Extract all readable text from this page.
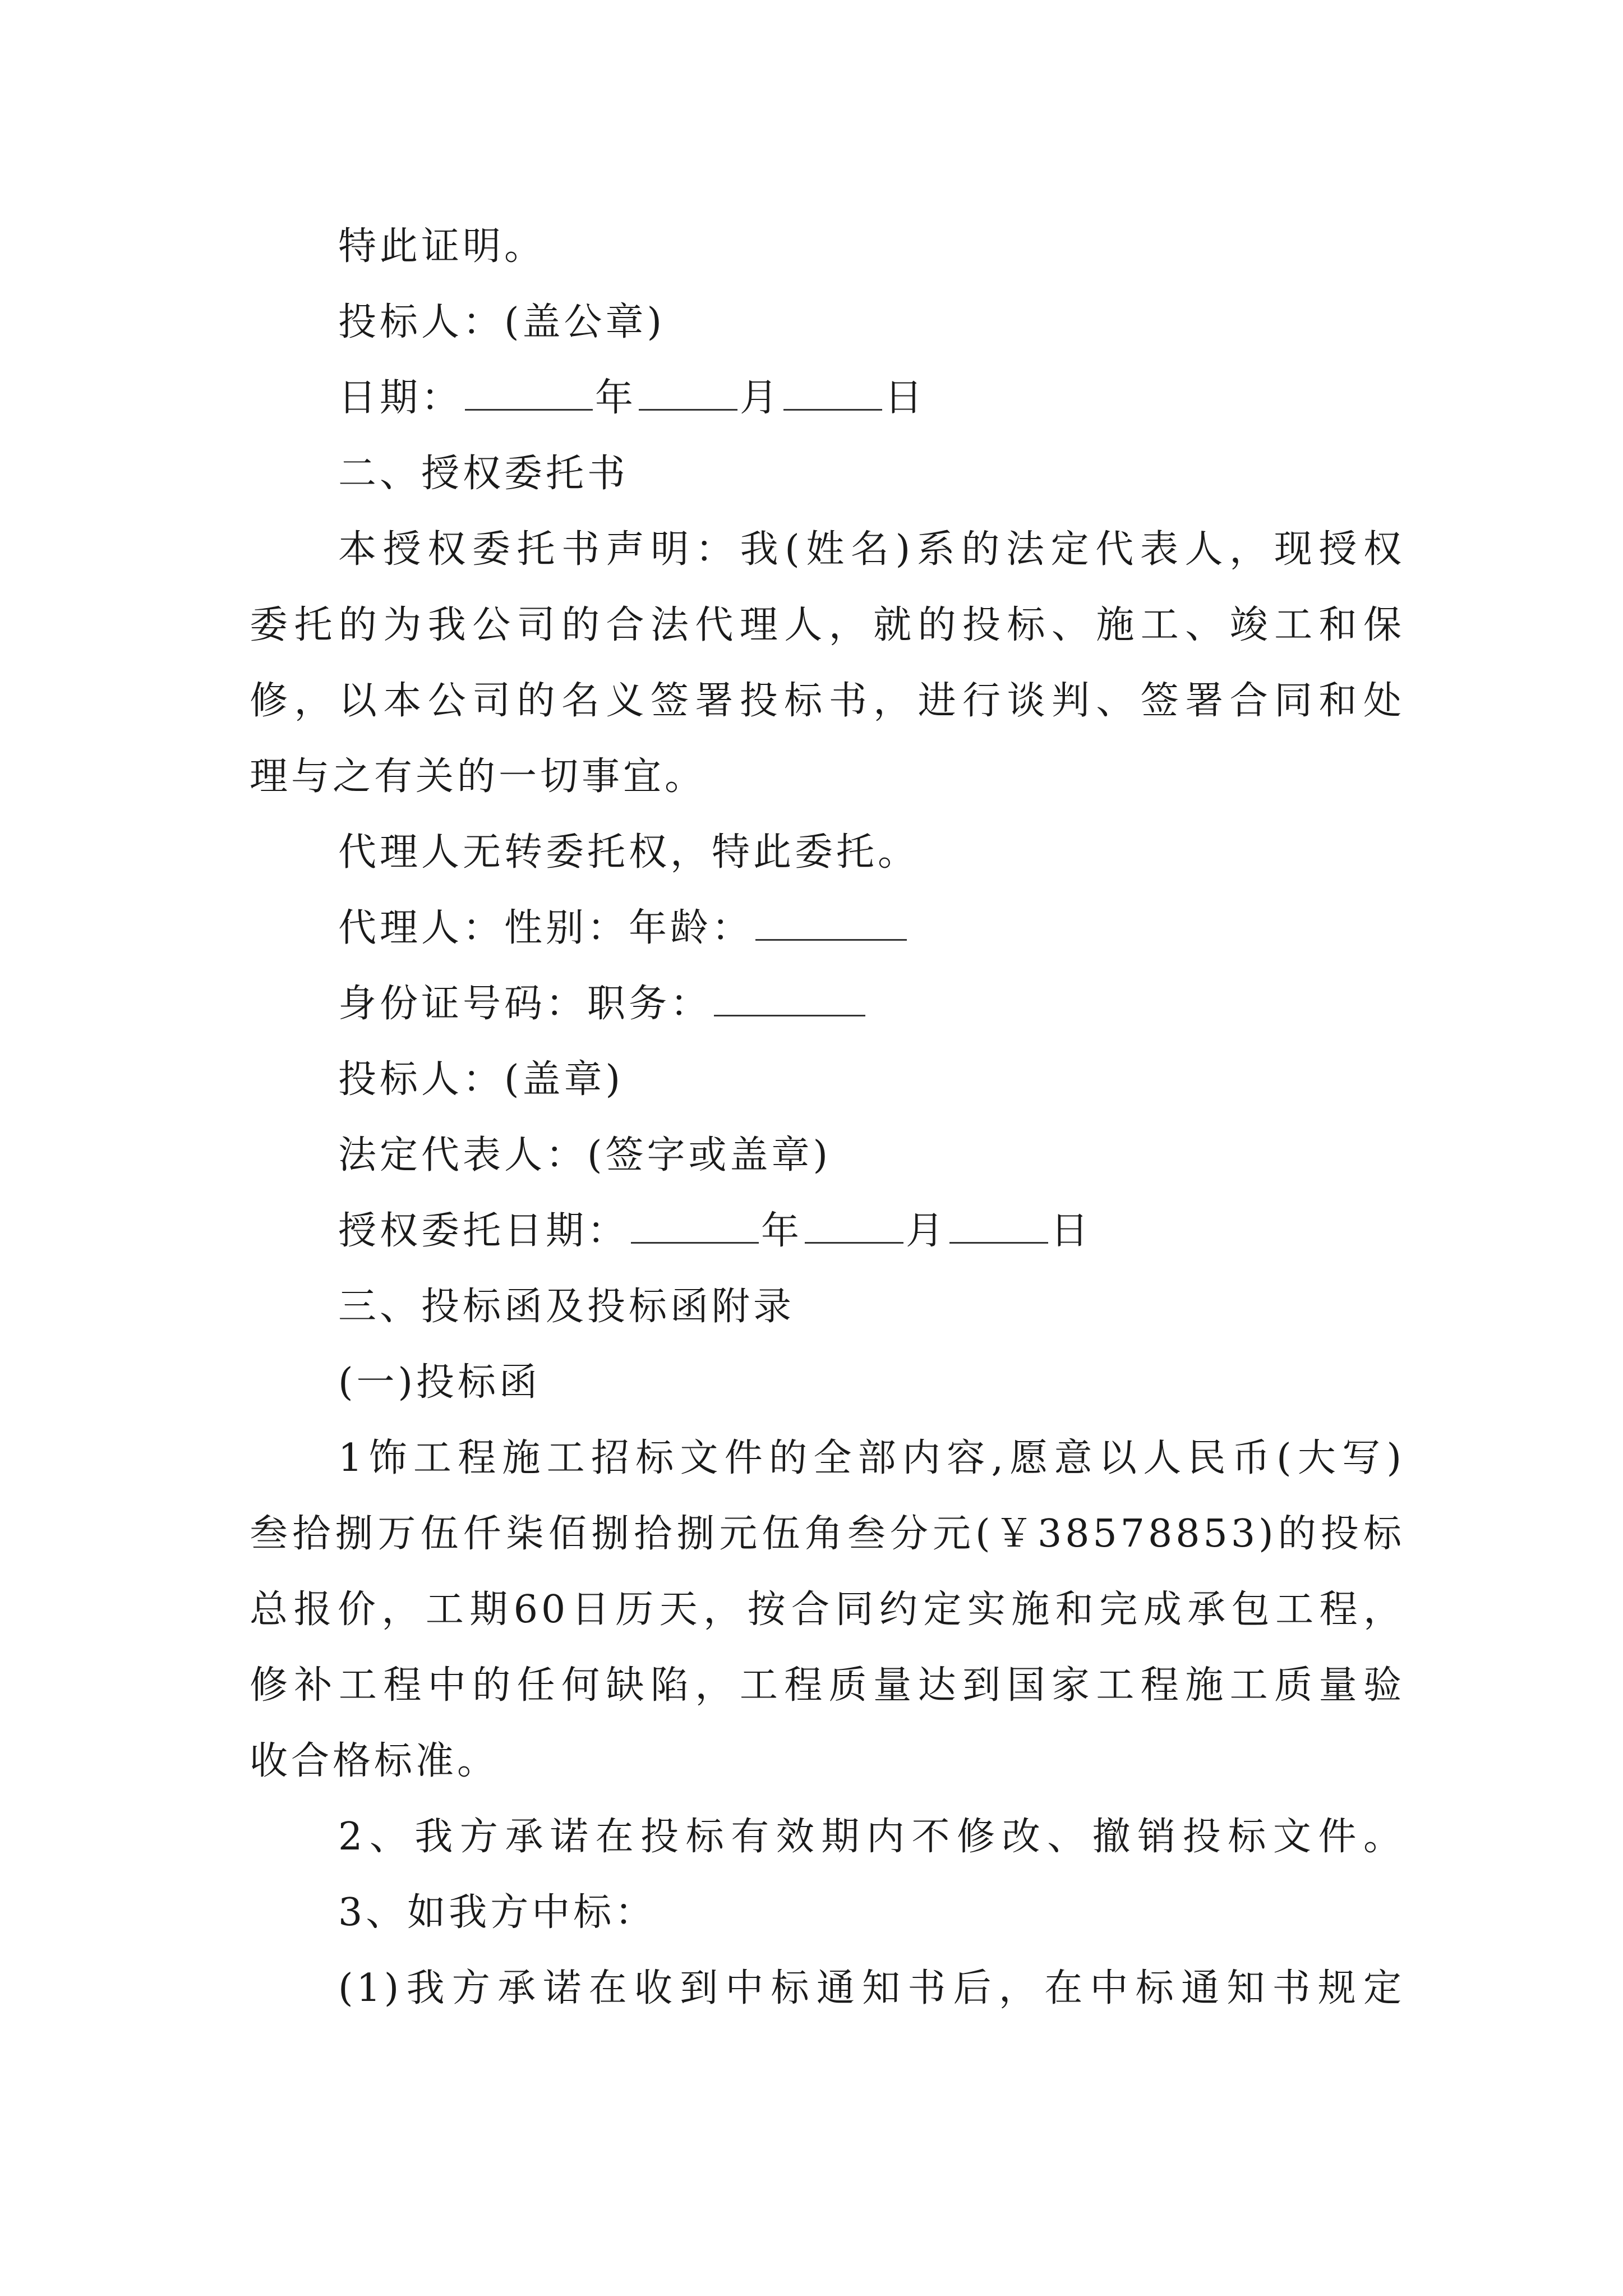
特此证明。
投标人：(盖公章)
日期：	年	月	日
二、授权委托书
本授权委托书声明：我(姓名)系的法定代表人，现授权
委托的为我公司的合法代理人，就的投标、施工、竣工和保
修，以本公司的名义签署投标书，进行谈判、签署合同和处
理与之有关的一切事宜。
代理人无转委托权，特此委托。
代理人：性别：年龄：
身份证号码：职务：
投标人：(盖章)
法定代表人：(签字或盖章)
授权委托日期：	年	月	日
三、投标函及投标函附录
(一)投标函
1饰工程施工招标文件的全部内容,愿意以人民币(大写)
叁拾捌万伍仟柒佰捌拾捌元伍角叁分元(￥38578853)的投标
总报价，工期60日历天，按合同约定实施和完成承包工程，
修补工程中的任何缺陷，工程质量达到国家工程施工质量验
收合格标准。
2、我方承诺在投标有效期内不修改、撤销投标文件。
3、如我方中标：
(1)我方承诺在收到中标通知书后，在中标通知书规定
